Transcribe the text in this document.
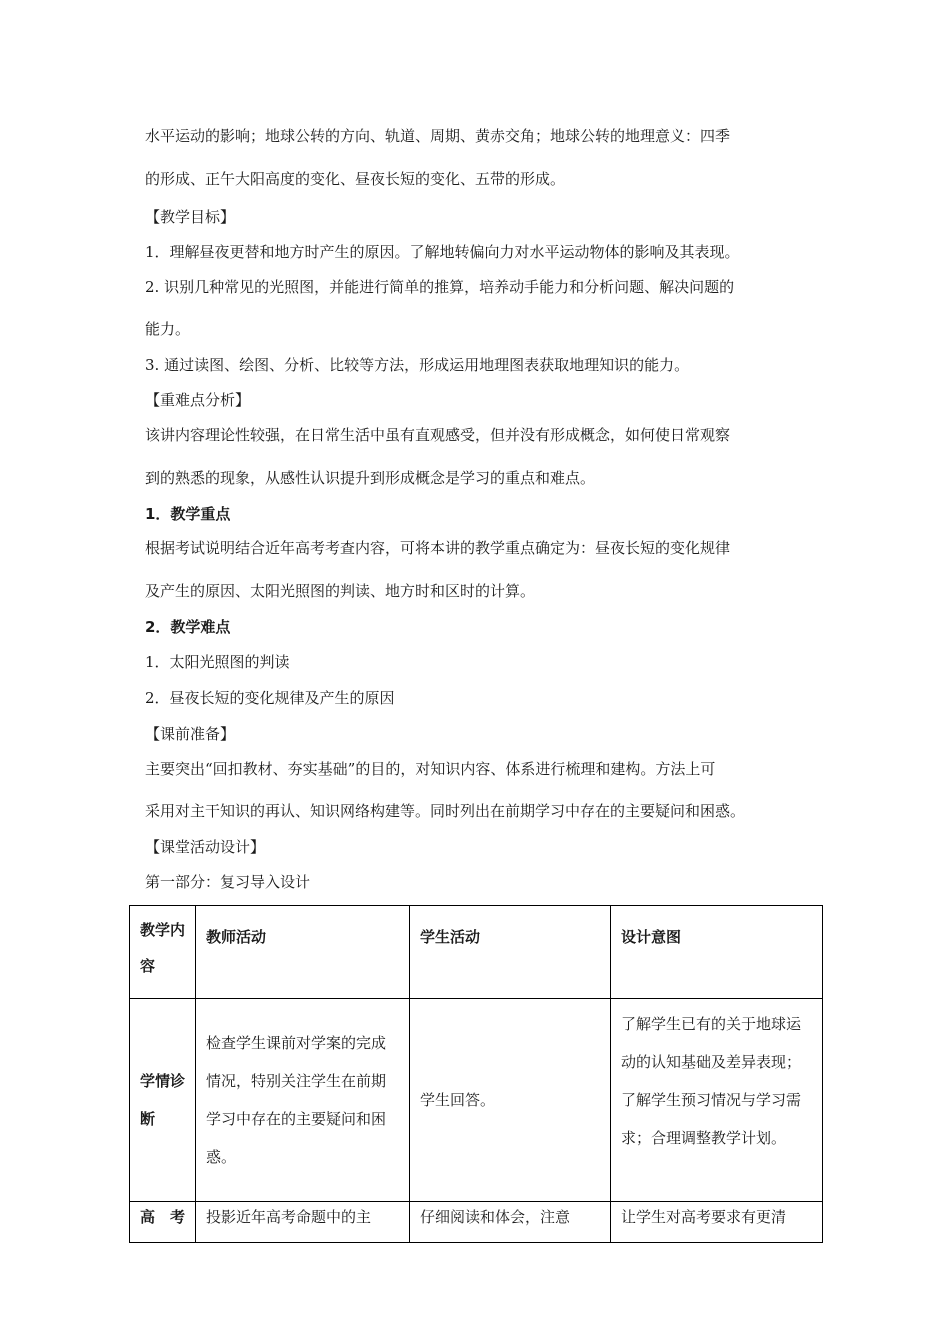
水平运动的影响；地球公转的方向、轨道、周期、黄赤交角；地球公转的地理意义：四季
的形成、正午大阳高度的变化、昼夜长短的变化、五带的形成。
【教学目标】
1．理解昼夜更替和地方时产生的原因。了解地转偏向力对水平运动物体的影响及其表现。
2. 识别几种常见的光照图，并能进行简单的推算，培养动手能力和分析问题、解决问题的
能力。
3. 通过读图、绘图、分析、比较等方法，形成运用地理图表获取地理知识的能力。
【重难点分析】
该讲内容理论性较强，在日常生活中虽有直观感受，但并没有形成概念，如何使日常观察
到的熟悉的现象，从感性认识提升到形成概念是学习的重点和难点。
1．教学重点
根据考试说明结合近年高考考查内容，可将本讲的教学重点确定为：昼夜长短的变化规律
及产生的原因、太阳光照图的判读、地方时和区时的计算。
2．教学难点
1．太阳光照图的判读
2．昼夜长短的变化规律及产生的原因
【课前准备】
主要突出“回扣教材、夯实基础”的目的，对知识内容、体系进行梳理和建构。方法上可
采用对主干知识的再认、知识网络构建等。同时列出在前期学习中存在的主要疑问和困惑。
【课堂活动设计】
第一部分：复习导入设计
教学内容	教师活动	学生活动	设计意图
学情诊断	检查学生课前对学案的完成情况，特别关注学生在前期学习中存在的主要疑问和困惑。	学生回答。	了解学生已有的关于地球运动的认知基础及差异表现；了解学生预习情况与学习需求；合理调整教学计划。
高　考	投影近年高考命题中的主	仔细阅读和体会，注意	让学生对高考要求有更清
